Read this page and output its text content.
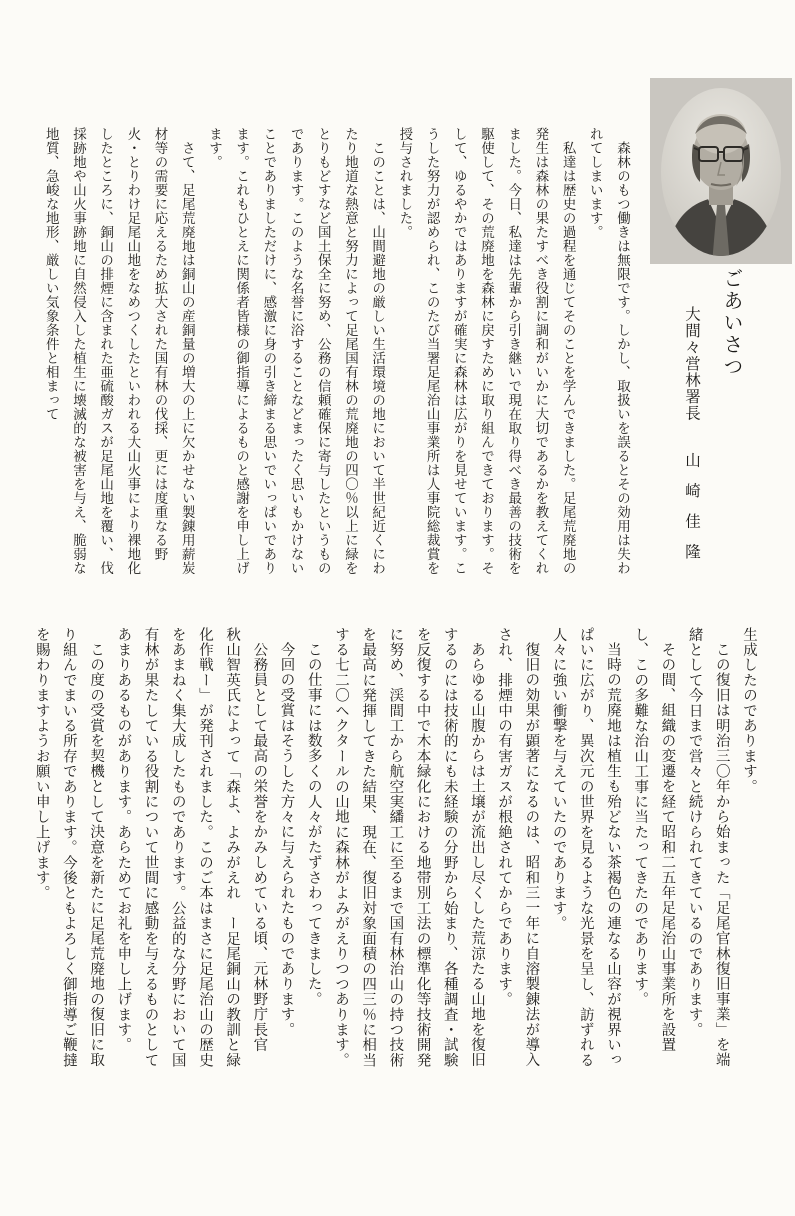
ごあいさつ
大間々営林署長
山崎佳隆

森林のもつ働きは無限です。しかし、取扱いを誤るとその効用は失われてしまいます。

私達は歴史の過程を通じてそのことを学んできました。足尾荒廃地の発生は森林の果たすべき役割に調和がいかに大切であるかを教えてくれました。今日、私達は先輩から引き継いで現在取り得べき最善の技術を駆使して、その荒廃地を森林に戻すために取り組んできております。そして、ゆるやかではありますが確実に森林は広がりを見せています。こうした努力が認められ、このたび当署足尾治山事業所は人事院総裁賞を授与されました。

このことは、山間避地の厳しい生活環境の地において半世紀近くにわたり地道な熱意と努力によって足尾国有林の荒廃地の四〇％以上に緑をとりもどすなど国土保全に努め、公務の信頼確保に寄与したというものであります。このような名誉に浴することなどまったく思いもかけないことでありましただけに、感激に身の引き締まる思いでいっぱいであります。これもひとえに関係者皆様の御指導によるものと感謝を申し上げます。

さて、足尾荒廃地は銅山の産銅量の増大の上に欠かせない製錬用薪炭材等の需要に応えるため拡大された国有林の伐採、更には度重なる野火・とりわけ足尾山地をなめつくしたといわれる大山火事により裸地化したところに、銅山の排煙に含まれた亜硫酸ガスが足尾山地を覆い、伐採跡地や山火事跡地に自然侵入した植生に壊滅的な被害を与え、脆弱な地質、急峻な地形、厳しい気象条件と相まって

生成したのであります。

この復旧は明治三〇年から始まった「足尾官林復旧事業」を端緒として今日まで営々と続けられてきているのであります。

その間、組織の変遷を経て昭和二五年足尾治山事業所を設置し、この多難な治山工事に当たってきたのであります。

当時の荒廃地は植生も殆どない茶褐色の連なる山容が視界いっぱいに広がり、異次元の世界を見るような光景を呈し、訪ずれる人々に強い衝撃を与えていたのであります。

復旧の効果が顕著になるのは、昭和三一年に自溶製錬法が導入され、排煙中の有害ガスが根絶されてからであります。

あらゆる山腹からは土壌が流出し尽くした荒涼たる山地を復旧するのには技術的にも未経験の分野から始まり、各種調査・試験を反復する中で木本緑化における地帯別工法の標準化等技術開発に努め、渓間工から航空実繙工に至るまで国有林治山の持つ技術を最高に発揮してきた結果、現在、復旧対象面積の四三％に相当する七二〇ヘクタールの山地に森林がよみがえりつつあります。

この仕事には数多くの人々がたずさわってきました。

今回の受賞はそうした方々に与えられたものであります。

公務員として最高の栄誉をかみしめている頃、元林野庁長官　秋山智英氏によって「森よ、よみがえれ　ー足尾銅山の教訓と緑化作戦ー」が発刊されました。このご本はまさに足尾治山の歴史をあまねく集大成したものであります。公益的な分野において国有林が果たしている役割について世間に感動を与えるものとしてあまりあるものがあります。あらためてお礼を申し上げます。

この度の受賞を契機として決意を新たに足尾荒廃地の復旧に取り組んでまいる所存であります。今後ともよろしく御指導ご鞭撻を賜わりますようお願い申し上げます。
